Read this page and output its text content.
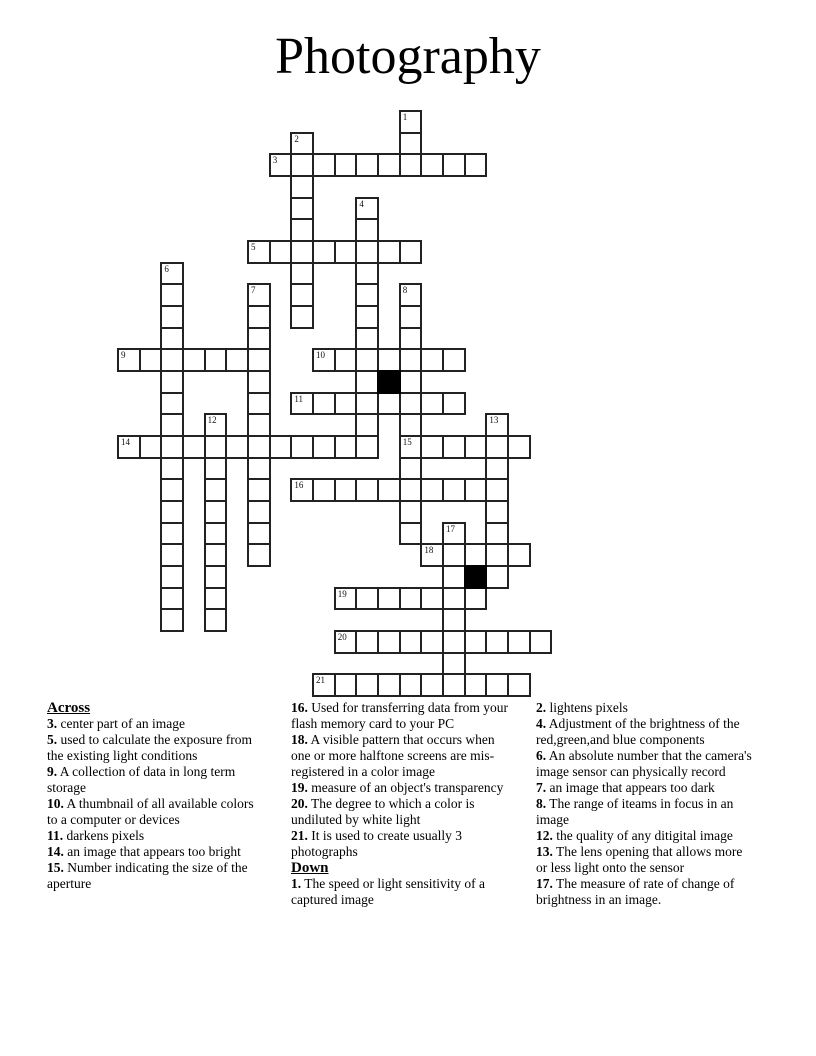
Photography
3
5
9	10
11
14	15
16
18
19
20
21
1
2
4
6
7	8
12	13
17

Across

3. center part of an image

5. used to calculate the exposure from the existing light conditions

9. A collection of data in long term storage

10. A thumbnail of all available colors to a computer or devices

11. darkens pixels

14. an image that appears too bright

15. Number indicating the size of the aperture

16. Used for transferring data from your flash memory card to your PC

18. A visible pattern that occurs when one or more halftone screens are mis-registered in a color image

19. measure of an object's transparency

20. The degree to which a color is undiluted by white light

21. It is used to create usually 3 photographs

Down

1. The speed or light sensitivity of a captured image

2. lightens pixels

4. Adjustment of the brightness of the red,green,and blue components

6. An absolute number that the camera's image sensor can physically record

7. an image that appears too dark

8. The range of iteams in focus in an image

12. the quality of any ditigital image

13. The lens opening that allows more or less light onto the sensor

17. The measure of rate of change of brightness in an image.
